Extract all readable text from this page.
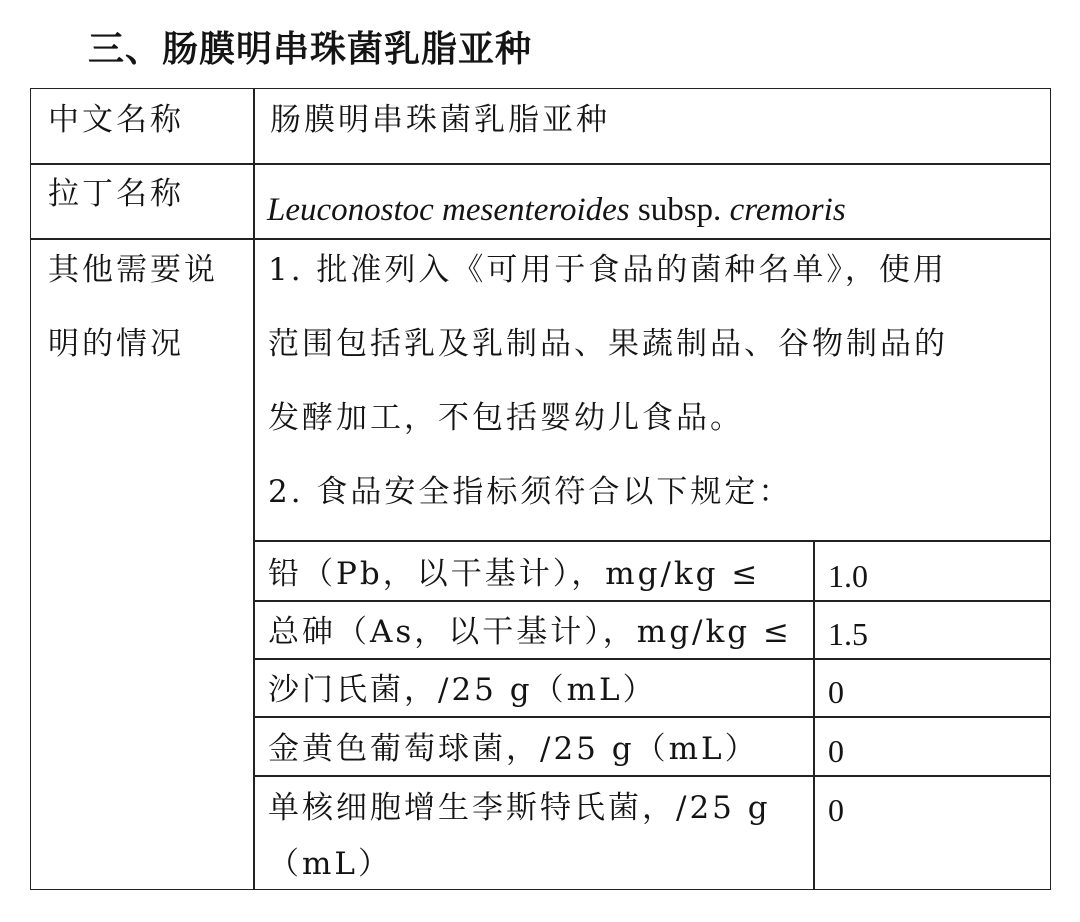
三、肠膜明串珠菌乳脂亚种
中文名称	肠膜明串珠菌乳脂亚种
拉丁名称	Leuconostoc mesenteroides subsp. cremoris
其他需要说
明的情况
1. 批准列入《可用于食品的菌种名单》，使用
范围包括乳及乳制品、果蔬制品、谷物制品的
发酵加工，不包括婴幼儿食品。
2. 食品安全指标须符合以下规定：
铅（Pb，以干基计），mg/kg ≤ 1.0
总砷（As，以干基计），mg/kg ≤ 1.5
沙门氏菌，/25 g（mL）	0
金黄色葡萄球菌，/25 g（mL） 0
单核细胞增生李斯特氏菌，/25 g
（mL）
0
